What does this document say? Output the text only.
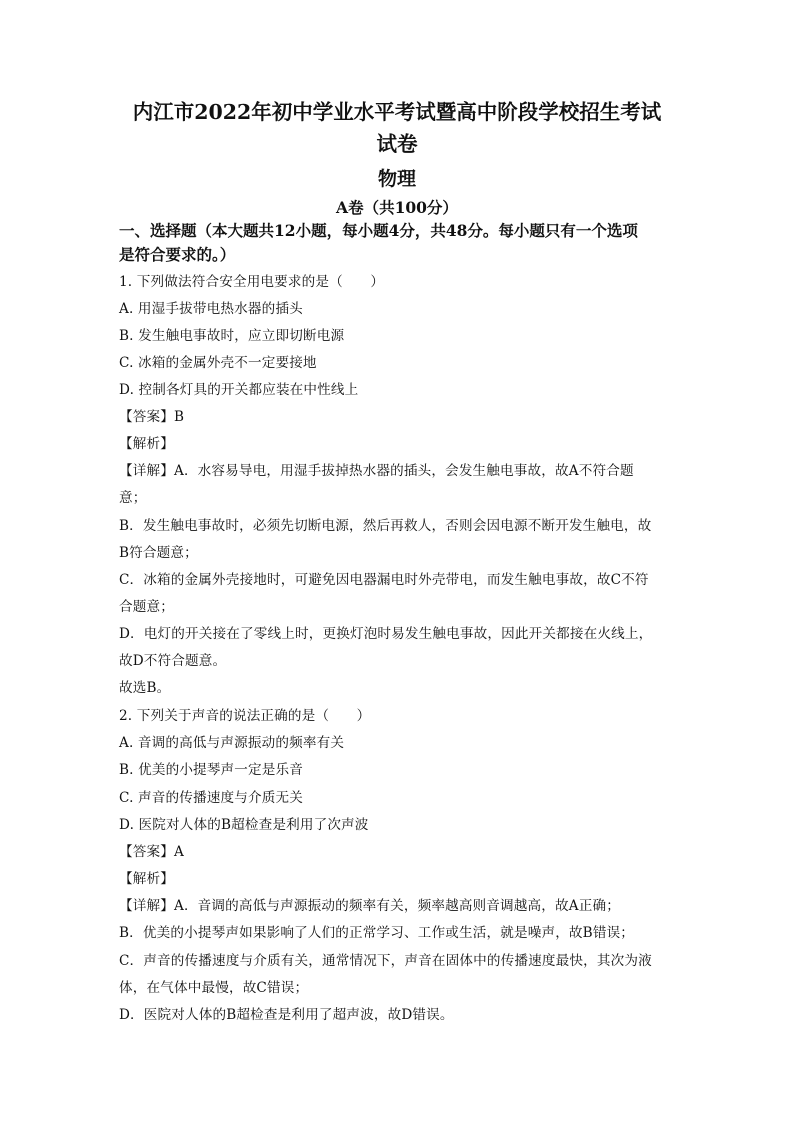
内江市2022年初中学业水平考试暨高中阶段学校招生考试
试卷
物理
A卷（共100分）
一、选择题（本大题共12小题，每小题4分，共48分。每小题只有一个选项
是符合要求的。）
1. 下列做法符合安全用电要求的是（　　）
A. 用湿手拔带电热水器的插头
B. 发生触电事故时，应立即切断电源
C. 冰箱的金属外壳不一定要接地
D. 控制各灯具的开关都应装在中性线上
【答案】B
【解析】
【详解】A．水容易导电，用湿手拔掉热水器的插头，会发生触电事故，故A不符合题
意；
B．发生触电事故时，必须先切断电源，然后再救人，否则会因电源不断开发生触电，故
B符合题意；
C．冰箱的金属外壳接地时，可避免因电器漏电时外壳带电，而发生触电事故，故C不符
合题意；
D．电灯的开关接在了零线上时，更换灯泡时易发生触电事故，因此开关都接在火线上，
故D不符合题意。
故选B。
2. 下列关于声音的说法正确的是（　　）
A. 音调的高低与声源振动的频率有关
B. 优美的小提琴声一定是乐音
C. 声音的传播速度与介质无关
D. 医院对人体的B超检查是利用了次声波
【答案】A
【解析】
【详解】A．音调的高低与声源振动的频率有关，频率越高则音调越高，故A正确；
B．优美的小提琴声如果影响了人们的正常学习、工作或生活，就是噪声，故B错误；
C．声音的传播速度与介质有关，通常情况下，声音在固体中的传播速度最快，其次为液
体，在气体中最慢，故C错误；
D．医院对人体的B超检查是利用了超声波，故D错误。
